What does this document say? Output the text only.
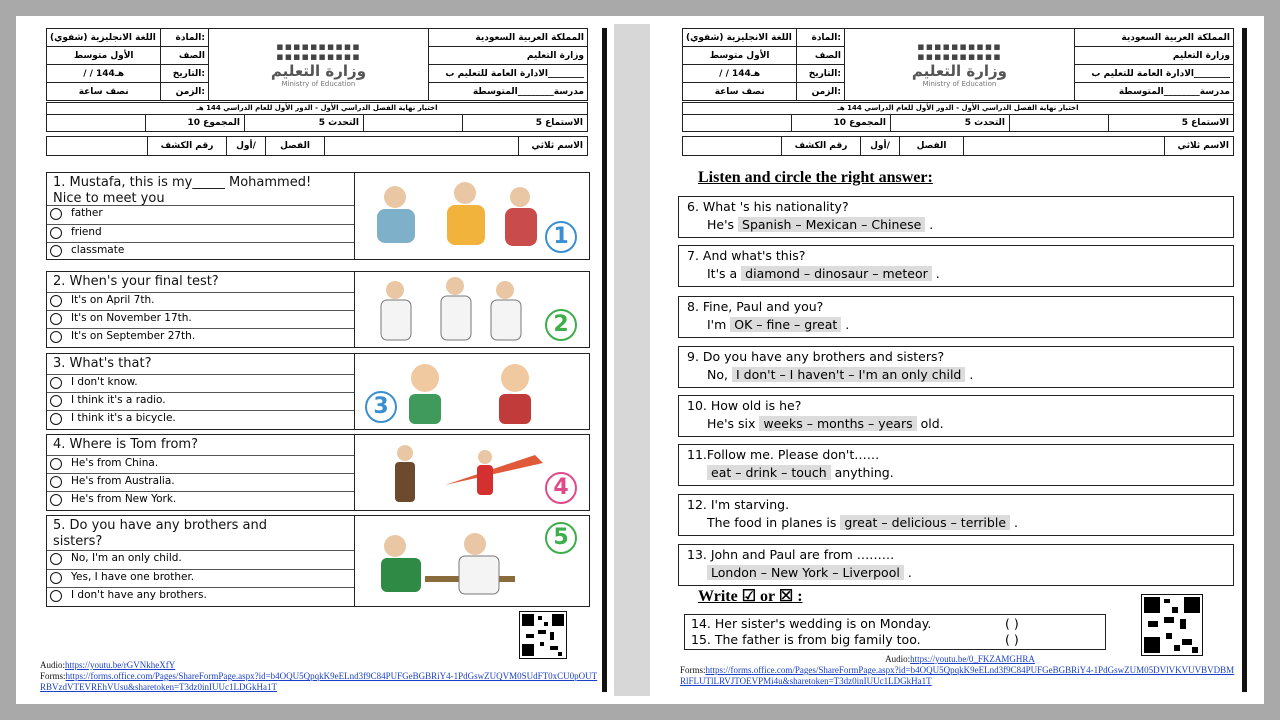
اللغة الانجليزية (شفوي)	المادة:	▪▪▪▪▪▪▪▪▪▪
▪▪▪▪▪▪▪▪▪▪
وزارة التعليم
Ministry of Education	المملكة العربية السعودية
الأول متوسط	الصف		وزارة التعليم
/ / 144هـ	التاريخ:		الادارة العامة للتعليم ب________
نصف ساعة	الزمن:		مدرسة________المتوسطة
اختبار نهاية الفصل الدراسي الأول - الدور الأول للعام الدراسي 144 هـ
	المجموع 10	التحدث 5		الاستماع 5
	رقم الكشف	أول/	الفصل		الاسم ثلاثي
1. Mustafa, this is my_____ Mohammed!
Nice to meet you
father
friend
classmate
1
2. When's your final test?
It's on April 7th.
It's on November 17th.
It's on September 27th.	2
3. What's that?
I don't know.
I think it's a radio.
I think it's a bicycle.	3
4. Where is Tom from?
He's from China.
He's from Australia.
He's from New York.	4
5. Do you have any brothers and
sisters?
No, I'm an only child.
Yes, I have one brother.
I don't have any brothers.
5
Audio:https://youtu.be/rGVNkheXfY
Forms:https://forms.office.com/Pages/ShareFormPage.aspx?id=b4OQU5QpqkK9eELnd3f9C84PUFGeBGBRiY4-1PdGswZUQVM0SUdFT0xCU0pOUTRBVzdVTEVREhVUsu&sharetoken=T3dz0inIUUc1LDGkHa1T
اللغة الانجليزية (شفوي)	المادة:	▪▪▪▪▪▪▪▪▪▪
▪▪▪▪▪▪▪▪▪▪
وزارة التعليم
Ministry of Education	المملكة العربية السعودية
الأول متوسط	الصف		وزارة التعليم
/ / 144هـ	التاريخ:		الادارة العامة للتعليم ب________
نصف ساعة	الزمن:		مدرسة________المتوسطة
اختبار نهاية الفصل الدراسي الأول - الدور الأول للعام الدراسي 144 هـ
	المجموع 10	التحدث 5		الاستماع 5
	رقم الكشف	أول/	الفصل		الاسم ثلاثي
Listen and circle the right answer:
6. What 's his nationality?
He's Spanish – Mexican – Chinese .
7. And what's this?
It's a diamond – dinosaur – meteor .
8. Fine, Paul and you?
I'm OK – fine – great .
9. Do you have any brothers and sisters?
No, I don't – I haven't – I'm an only child .
10. How old is he?
He's six weeks – months – years old.
11.Follow me. Please don't……
eat – drink – touch anything.
12. I'm starving.
The food in planes is great – delicious – terrible .
13. John and Paul are from ………
London – New York – Liverpool .
Write ☑ or ☒ :
14. Her sister's wedding is on Monday.	( )
15. The father is from big family too.	( )
Audio:https://youtu.be/0_FKZAMGHRA
Forms:https://forms.office.com/Pages/ShareFormPage.aspx?id=b4OQU5QpqkK9eELnd3f9C84PUFGeBGBRiY4-1PdGswZUM05DVlVKVUVBVDBMRlFLUTlLRVJTOEVPMi4u&sharetoken=T3dz0inIUUc1LDGkHa1T
